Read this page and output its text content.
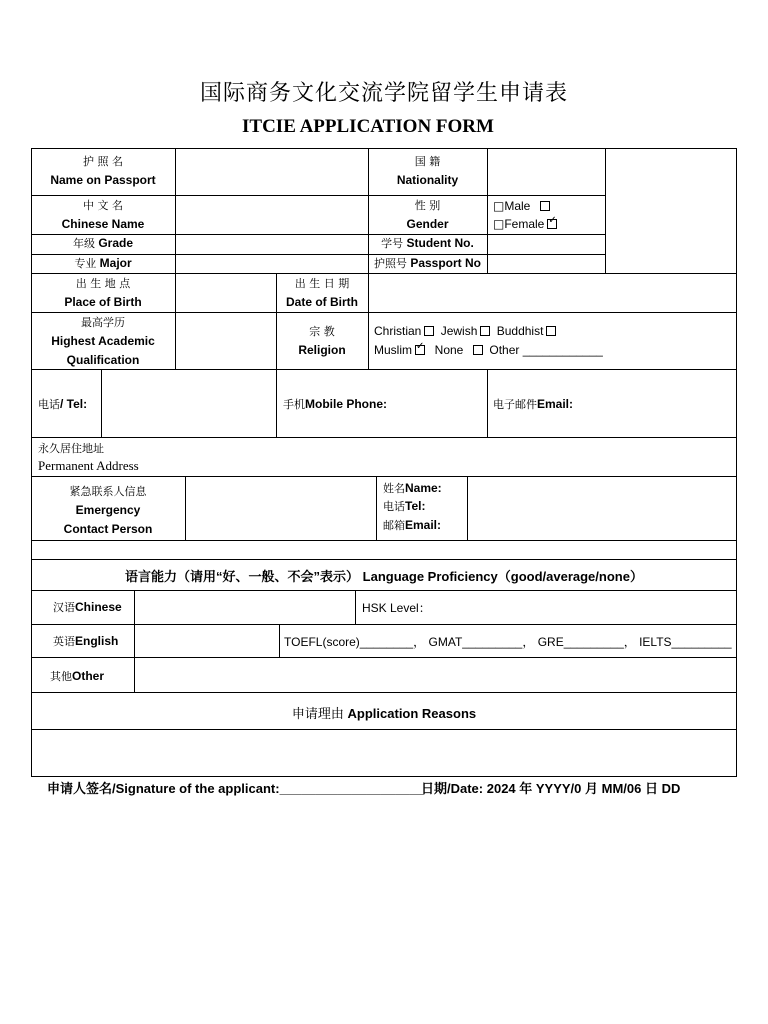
国际商务文化交流学院留学生申请表
ITCIE APPLICATION FORM
护 照 名
Name on Passport
国 籍
Nationality
中 文 名
Chinese Name
性 别
Gender
□Male
□Female✓
年级 Grade	学号 Student No.
专业 Major	护照号 Passport No
出 生 地 点
Place of Birth
出 生 日 期
Date of Birth
最高学历
Highest Academic
Qualification
宗 教
Religion
Christian Jewish Buddhist
Muslim✓ None Other ____________
电话/ Tel:	手机Mobile Phone:	电子邮件Email:
永久居住地址
Permanent Address
紧急联系人信息
Emergency
Contact Person
姓名Name:
电话Tel:
邮箱Email:
语言能力（请用“好、一般、不会”表示） Language Proficiency（good/average/none）
汉语Chinese	HSK Level：
英语English	TOEFL(score)________， GMAT_________， GRE_________， IELTS_________
其他Other
申请理由 Application Reasons
申请人签名/Signature of the applicant:____________________
日期/Date: 2024 年 YYYY/0 月 MM/06 日 DD
